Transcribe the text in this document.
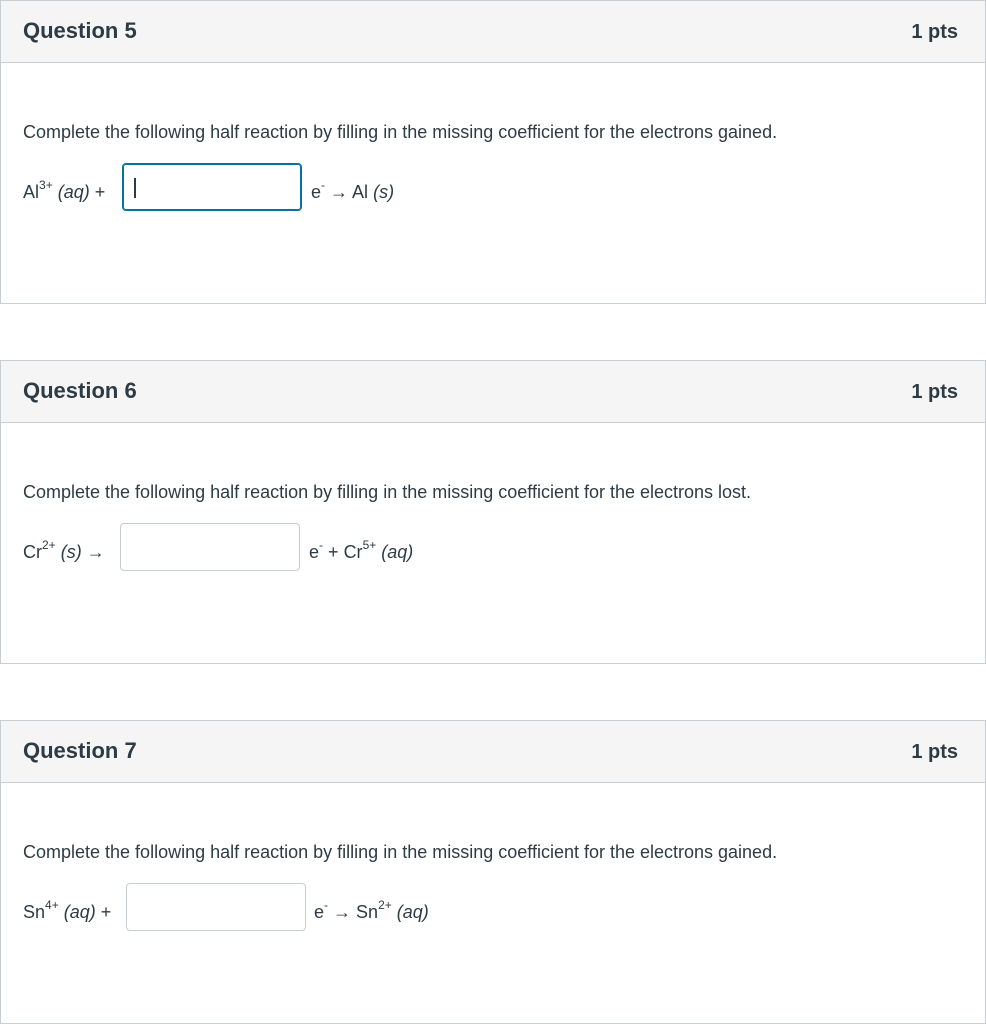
Question 5	1 pts
Complete the following half reaction by filling in the missing coefficient for the electrons gained.
$Al^{3+}$ (aq) +	e- → Al (s)
Question 6	1 pts
Complete the following half reaction by filling in the missing coefficient for the electrons lost.
$Cr^{2+}$ (s) →	$e^- + Cr^{5+}$ (aq)
Question 7	1 pts
Complete the following half reaction by filling in the missing coefficient for the electrons gained.
$Sn^{4+}$ (aq) +	$e^- \to Sn^{2+}$ (aq)
